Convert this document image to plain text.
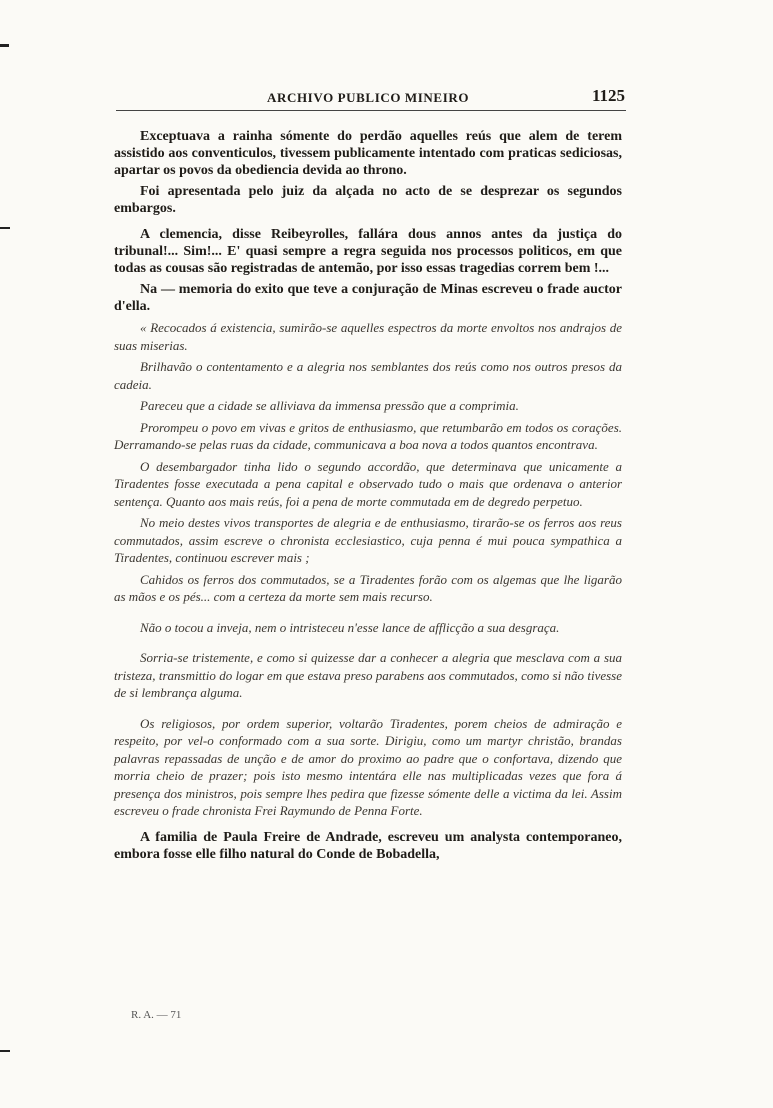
ARCHIVO PUBLICO MINEIRO	1125

Exceptuava a rainha sómente do perdão aquelles reús que alem de terem assistido aos conventiculos, tivessem publicamente intentado com praticas sediciosas, apartar os povos da obediencia devida ao throno.

Foi apresentada pelo juiz da alçada no acto de se desprezar os segundos embargos.

A clemencia, disse Reibeyrolles, fallára dous annos antes da justiça do tribunal!... Sim!... E' quasi sempre a regra seguida nos processos politicos, em que todas as cousas são registradas de antemão, por isso essas tragedias correm bem !...

Na — memoria do exito que teve a conjuração de Minas escreveu o frade auctor d'ella.

« Recocados á existencia, sumirão-se aquelles espectros da morte envoltos nos andrajos de suas miserias.

Brilhavão o contentamento e a alegria nos semblantes dos reús como nos outros presos da cadeia.

Pareceu que a cidade se alliviava da immensa pressão que a comprimia.

Prorompeu o povo em vivas e gritos de enthusiasmo, que retumbarão em todos os corações. Derramando-se pelas ruas da cidade, communicava a boa nova a todos quantos encontrava.

O desembargador tinha lido o segundo accordão, que determinava que unicamente a Tiradentes fosse executada a pena capital e observado tudo o mais que ordenava o anterior sentença. Quanto aos mais reús, foi a pena de morte commutada em de degredo perpetuo.

No meio destes vivos transportes de alegria e de enthusiasmo, tirarão-se os ferros aos reus commutados, assim escreve o chronista ecclesiastico, cuja penna é mui pouca sympathica a Tiradentes, continuou escrever mais ;

Cahidos os ferros dos commutados, se a Tiradentes forão com os algemas que lhe ligarão as mãos e os pés... com a certeza da morte sem mais recurso.

Não o tocou a inveja, nem o intristeceu n'esse lance de afflicção a sua desgraça.

Sorria-se tristemente, e como si quizesse dar a conhecer a alegria que mesclava com a sua tristeza, transmittio do logar em que estava preso parabens aos commutados, como si não tivesse de si lembrança alguma.

Os religiosos, por ordem superior, voltarão Tiradentes, porem cheios de admiração e respeito, por vel-o conformado com a sua sorte. Dirigiu, como um martyr christão, brandas palavras repassadas de unção e de amor do proximo ao padre que o confortava, dizendo que morria cheio de prazer; pois isto mesmo intentára elle nas multiplicadas vezes que fora á presença dos ministros, pois sempre lhes pedira que fizesse sómente delle a victima da lei. Assim escreveu o frade chronista Frei Raymundo de Penna Forte.

A familia de Paula Freire de Andrade, escreveu um analysta contemporaneo, embora fosse elle filho natural do Conde de Bobadella,

R. A. — 71
